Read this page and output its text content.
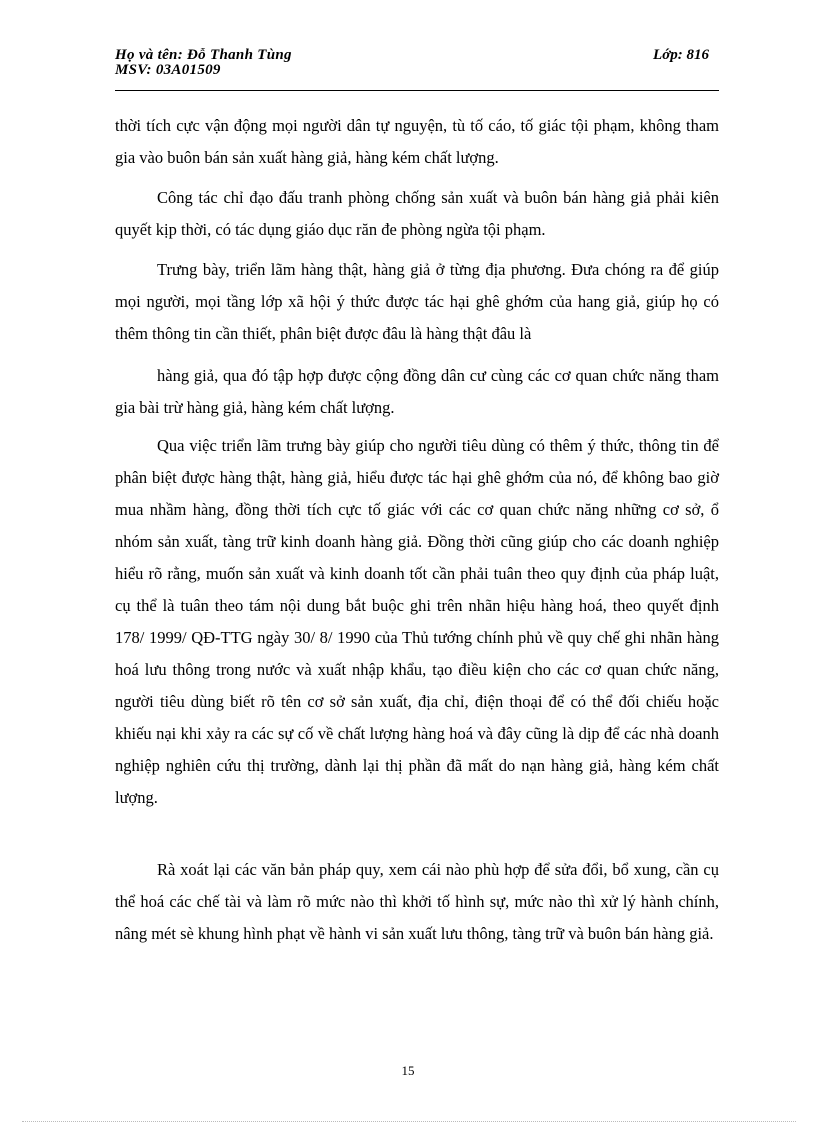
Họ và tên: Đỗ Thanh Tùng
MSV: 03A01509
Lớp: 816

thời tích cực vận động mọi người dân tự nguyện, tù tố cáo, tố giác tội phạm, không tham gia vào buôn bán sản xuất hàng giả, hàng kém chất lượng.

Công tác chỉ đạo đấu tranh phòng chống sản xuất và buôn bán hàng giả phải kiên quyết kịp thời, có tác dụng giáo dục răn đe phòng ngừa tội phạm.

Trưng bày, triển lãm hàng thật, hàng giả ở từng địa phương. Đưa chóng ra để giúp mọi người, mọi tầng lớp xã hội ý thức được tác hại ghê ghớm của hang giả, giúp họ có thêm thông tin cần thiết, phân biệt được đâu là hàng thật đâu là

hàng giả, qua đó tập hợp được cộng đồng dân cư cùng các cơ quan chức năng tham gia bài trừ hàng giả, hàng kém chất lượng.

Qua việc triển lãm trưng bày giúp cho người tiêu dùng có thêm ý thức, thông tin để phân biệt được hàng thật, hàng giả, hiểu được tác hại ghê ghớm của nó, để không bao giờ mua nhầm hàng, đồng thời tích cực tố giác với các cơ quan chức năng những cơ sở, ổ nhóm sản xuất, tàng trữ kinh doanh hàng giả. Đồng thời cũng giúp cho các doanh nghiệp hiểu rõ rằng, muốn sản xuất và kinh doanh tốt cần phải tuân theo quy định của pháp luật, cụ thể là tuân theo tám nội dung bắt buộc ghi trên nhãn hiệu hàng hoá, theo quyết định 178/ 1999/ QĐ-TTG ngày 30/ 8/ 1990 của Thủ tướng chính phủ về quy chế ghi nhãn hàng hoá lưu thông trong nước và xuất nhập khẩu, tạo điều kiện cho các cơ quan chức năng, người tiêu dùng biết rõ tên cơ sở sản xuất, địa chỉ, điện thoại để có thể đối chiếu hoặc khiếu nại khi xảy ra các sự cố về chất lượng hàng hoá và đây cũng là dịp để các nhà doanh nghiệp nghiên cứu thị trường, dành lại thị phần đã mất do nạn hàng giả, hàng kém chất lượng.

Rà xoát lại các văn bản pháp quy, xem cái nào phù hợp để sửa đổi, bổ xung, cần cụ thể hoá các chế tài và làm rõ mức nào thì khởi tố hình sự, mức nào thì xử lý hành chính, nâng mét sè khung hình phạt về hành vi sản xuất lưu thông, tàng trữ và buôn bán hàng giả.

15
